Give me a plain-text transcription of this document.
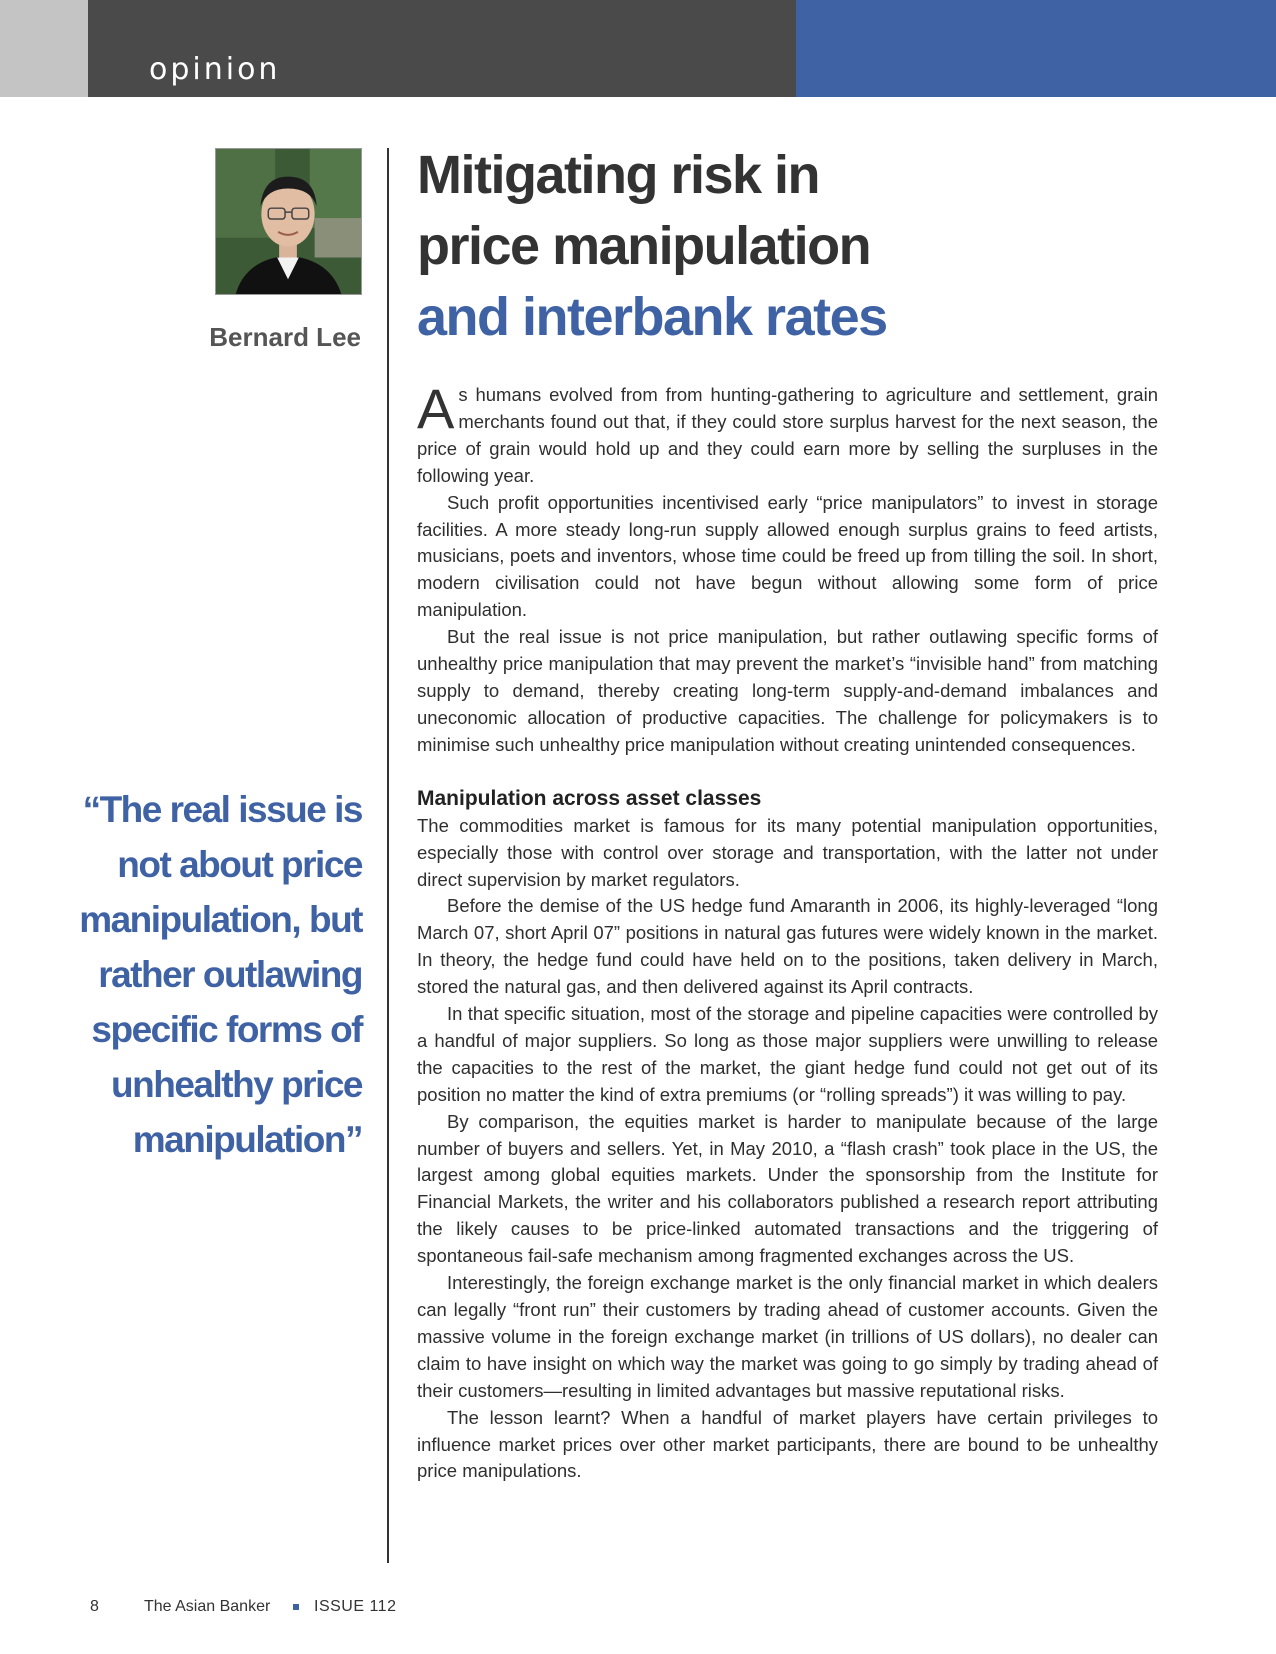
opinion
Bernard Lee
“The real issue is not about price manipulation, but rather outlawing specific forms of unhealthy price manipulation”
Mitigating risk in
price manipulation
and interbank rates

As humans evolved from from hunting-gathering to agriculture and settlement, grain merchants found out that, if they could store surplus harvest for the next season, the price of grain would hold up and they could earn more by selling the surpluses in the following year.

Such profit opportunities incentivised early “price manipulators” to invest in storage facilities. A more steady long-run supply allowed enough surplus grains to feed artists, musicians, poets and inventors, whose time could be freed up from tilling the soil. In short, modern civilisation could not have begun without allowing some form of price manipulation.

But the real issue is not price manipulation, but rather outlawing specific forms of unhealthy price manipulation that may prevent the market’s “invisible hand” from matching supply to demand, thereby creating long-term supply-and-demand imbalances and uneconomic allocation of productive capacities. The challenge for policymakers is to minimise such unhealthy price manipulation without creating unintended consequences.

Manipulation across asset classes

The commodities market is famous for its many potential manipulation opportunities, especially those with control over storage and transportation, with the latter not under direct supervision by market regulators.

Before the demise of the US hedge fund Amaranth in 2006, its highly-leveraged “long March 07, short April 07” positions in natural gas futures were widely known in the market. In theory, the hedge fund could have held on to the positions, taken delivery in March, stored the natural gas, and then delivered against its April contracts.

In that specific situation, most of the storage and pipeline capacities were controlled by a handful of major suppliers. So long as those major suppliers were unwilling to release the capacities to the rest of the market, the giant hedge fund could not get out of its position no matter the kind of extra premiums (or “rolling spreads”) it was willing to pay.

By comparison, the equities market is harder to manipulate because of the large number of buyers and sellers. Yet, in May 2010, a “flash crash” took place in the US, the largest among global equities markets. Under the sponsorship from the Institute for Financial Markets, the writer and his collaborators published a research report attributing the likely causes to be price-linked automated transactions and the triggering of spontaneous fail-safe mechanism among fragmented exchanges across the US.

Interestingly, the foreign exchange market is the only financial market in which dealers can legally “front run” their customers by trading ahead of customer accounts. Given the massive volume in the foreign exchange market (in trillions of US dollars), no dealer can claim to have insight on which way the market was going to go simply by trading ahead of their customers—resulting in limited advantages but massive reputational risks.

The lesson learnt? When a handful of market players have certain privileges to influence market prices over other market participants, there are bound to be unhealthy price manipulations.

8	The Asian Banker	ISSUE 112
